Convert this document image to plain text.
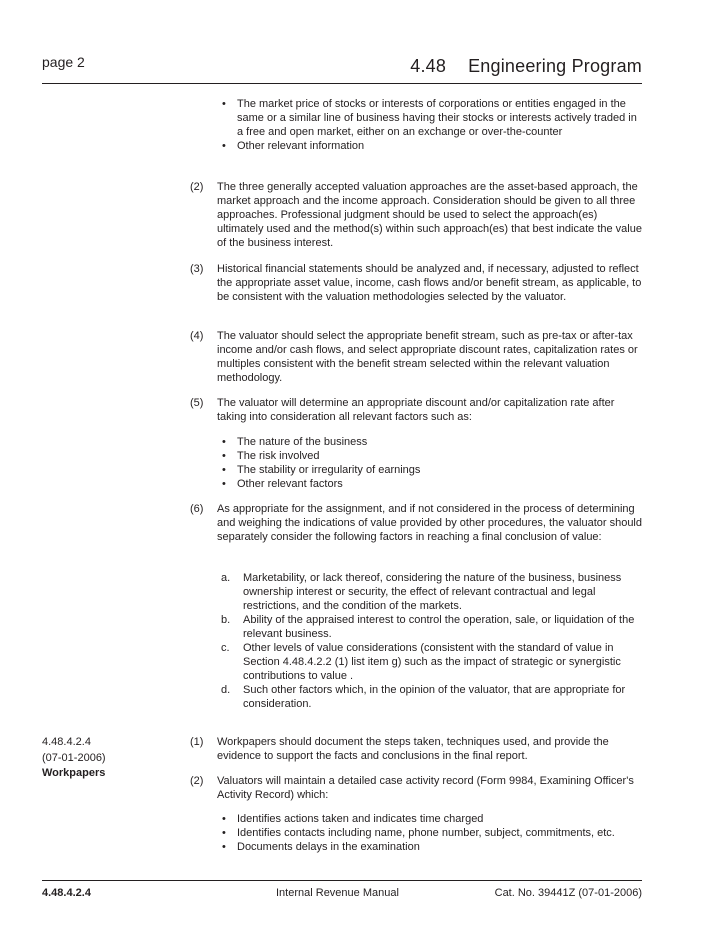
page 2	4.48 Engineering Program
• The market price of stocks or interests of corporations or entities engaged in the same or a similar line of business having their stocks or interests actively traded in a free and open market, either on an exchange or over-the-counter
• Other relevant information
(2) The three generally accepted valuation approaches are the asset-based approach, the market approach and the income approach. Consideration should be given to all three approaches. Professional judgment should be used to select the approach(es) ultimately used and the method(s) within such approach(es) that best indicate the value of the business interest.
(3) Historical financial statements should be analyzed and, if necessary, adjusted to reflect the appropriate asset value, income, cash flows and/or benefit stream, as applicable, to be consistent with the valuation methodologies selected by the valuator.
(4) The valuator should select the appropriate benefit stream, such as pre-tax or after-tax income and/or cash flows, and select appropriate discount rates, capitalization rates or multiples consistent with the benefit stream selected within the relevant valuation methodology.
(5) The valuator will determine an appropriate discount and/or capitalization rate after taking into consideration all relevant factors such as:
• The nature of the business
• The risk involved
• The stability or irregularity of earnings
• Other relevant factors
(6) As appropriate for the assignment, and if not considered in the process of determining and weighing the indications of value provided by other procedures, the valuator should separately consider the following factors in reaching a final conclusion of value:
a. Marketability, or lack thereof, considering the nature of the business, business ownership interest or security, the effect of relevant contractual and legal restrictions, and the condition of the markets.
b. Ability of the appraised interest to control the operation, sale, or liquidation of the relevant business.
c. Other levels of value considerations (consistent with the standard of value in Section 4.48.4.2.2 (1) list item g) such as the impact of strategic or synergistic contributions to value .
d. Such other factors which, in the opinion of the valuator, that are appropriate for consideration.
4.48.4.2.4
(07-01-2006)
Workpapers
(1) Workpapers should document the steps taken, techniques used, and provide the evidence to support the facts and conclusions in the final report.
(2) Valuators will maintain a detailed case activity record (Form 9984, Examining Officer's Activity Record) which:
• Identifies actions taken and indicates time charged
• Identifies contacts including name, phone number, subject, commitments, etc.
• Documents delays in the examination
4.48.4.2.4	Internal Revenue Manual	Cat. No. 39441Z (07-01-2006)
